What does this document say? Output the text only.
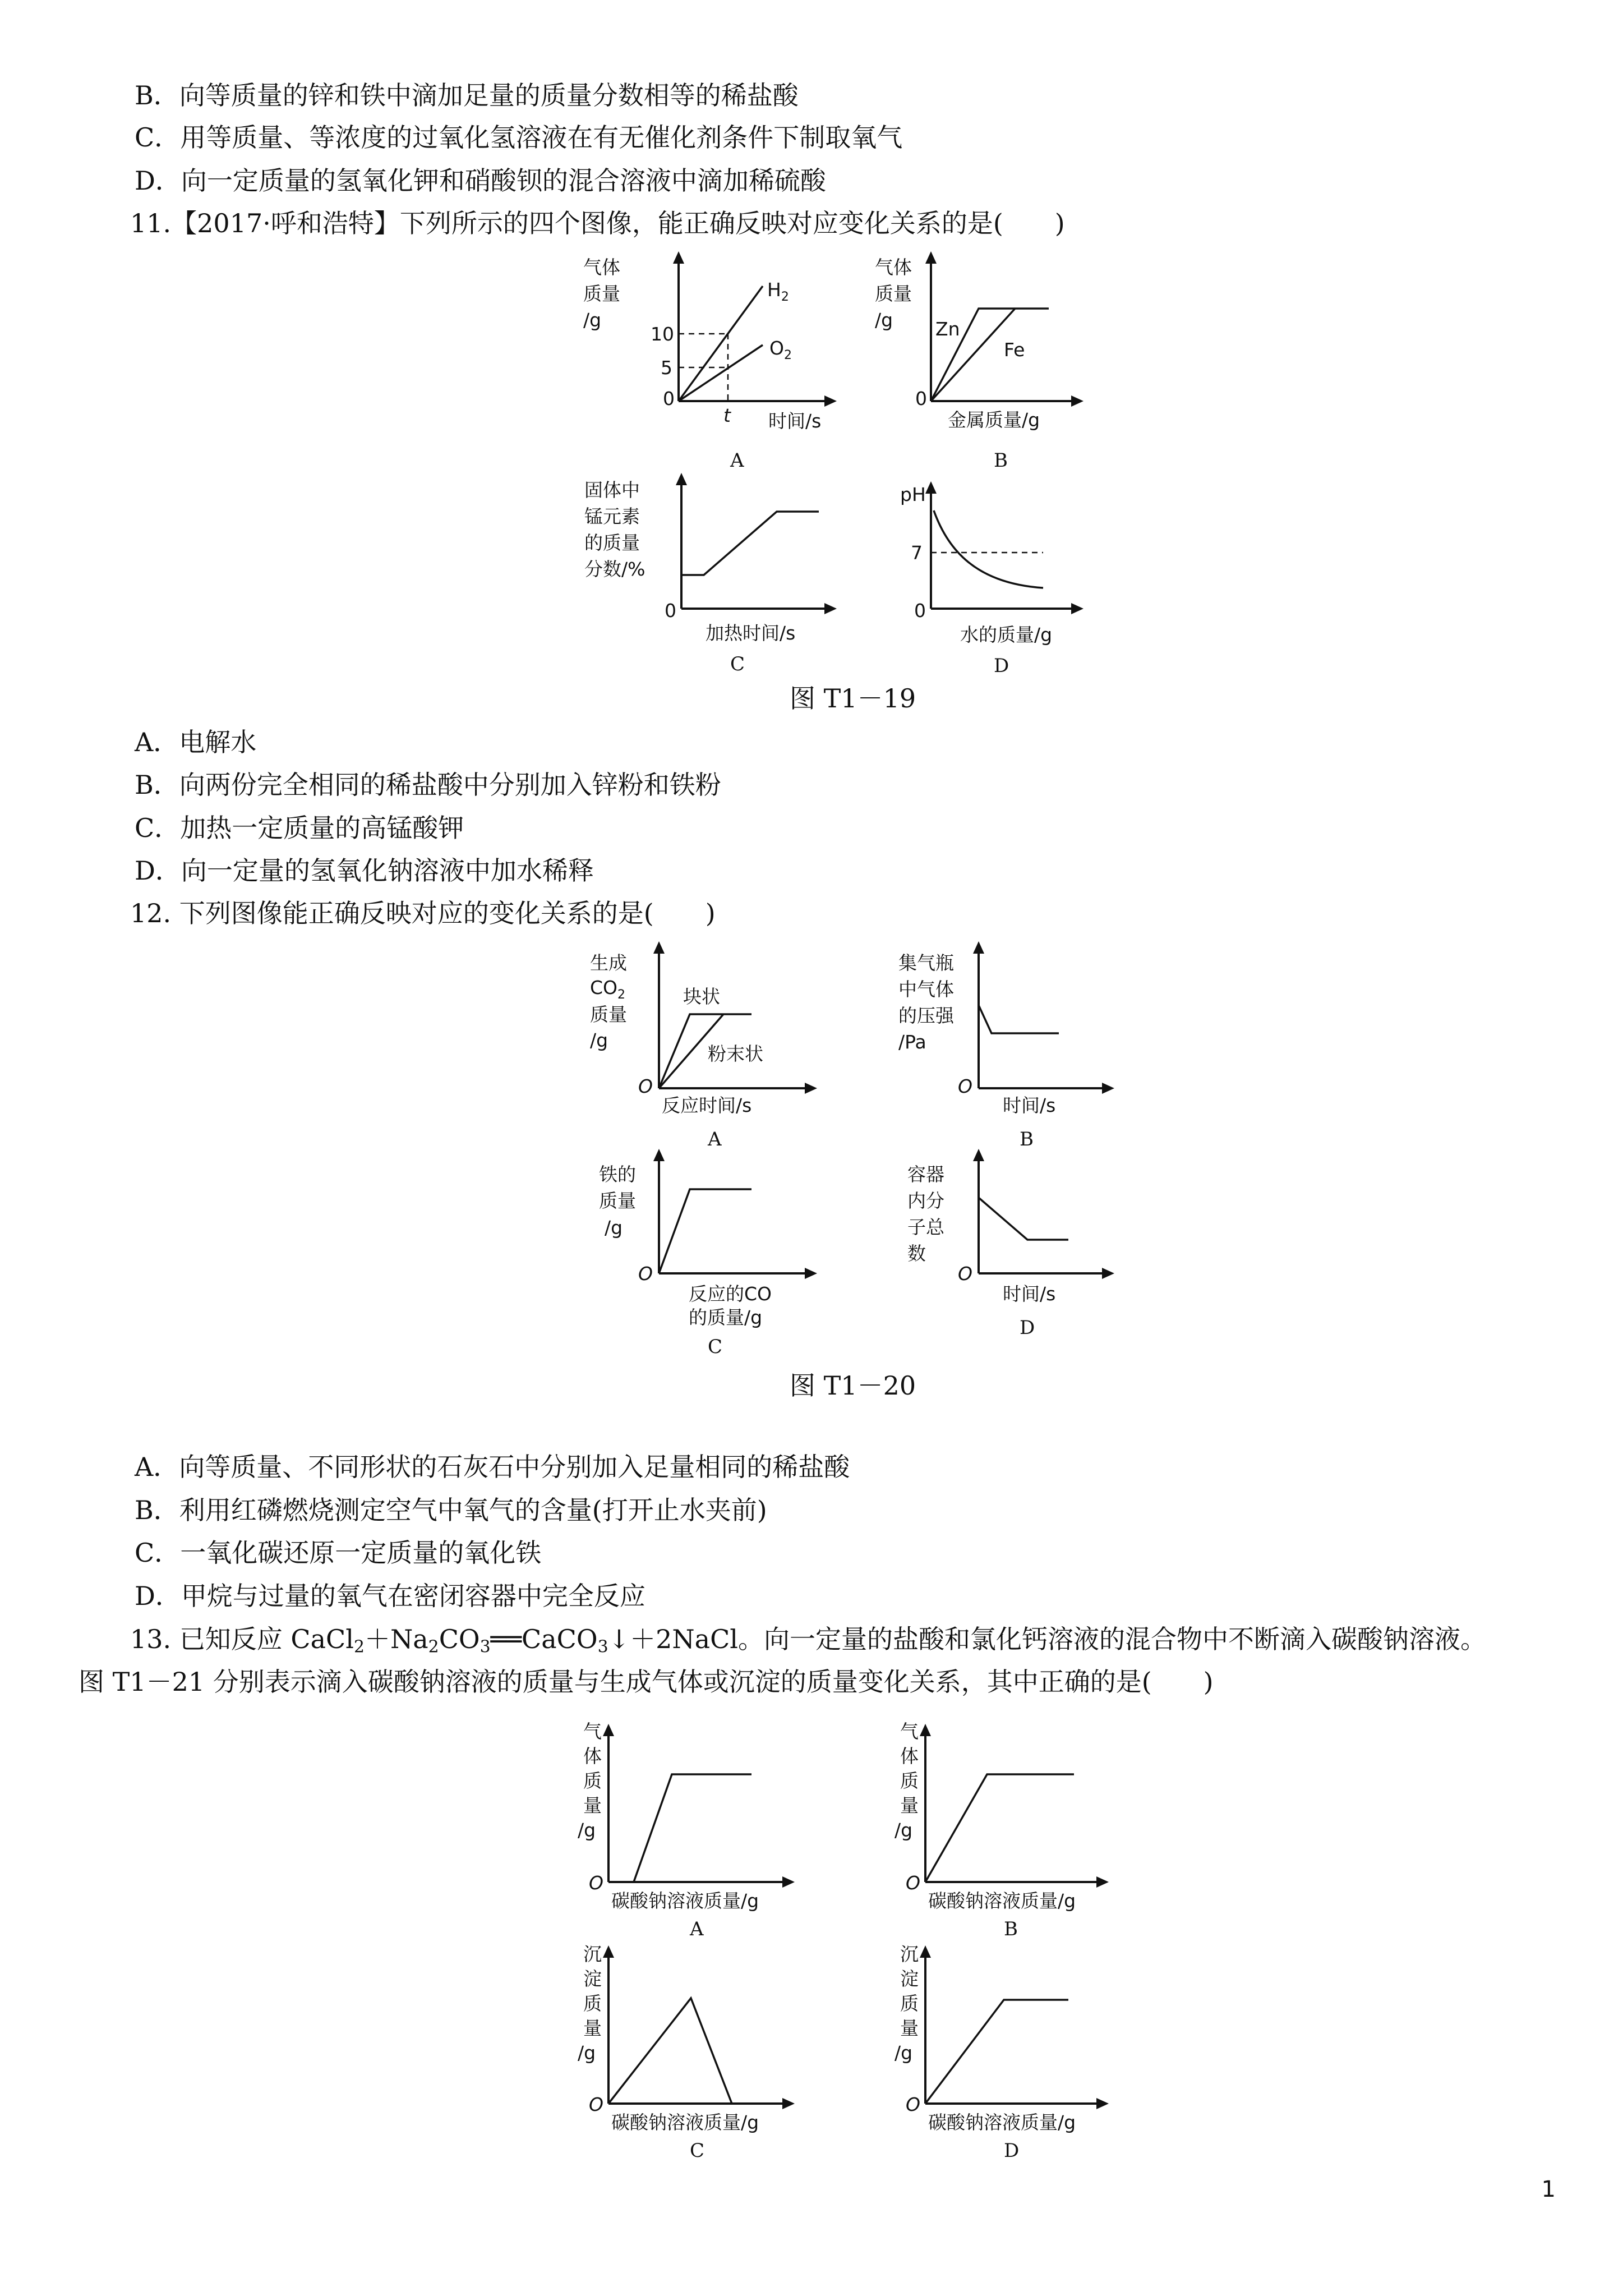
B．向等质量的锌和铁中滴加足量的质量分数相等的稀盐酸
C．用等质量、等浓度的过氧化氢溶液在有无催化剂条件下制取氧气
D．向一定质量的氢氧化钾和硝酸钡的混合溶液中滴加稀硫酸
11.【2017·呼和浩特】下列所示的四个图像，能正确反映对应变化关系的是(　　)
气体
质量
/g
10
5
0
t
$H_2$
$O_2$
时间/s
A
气体
质量
/g Zn
Fe
0
金属质量/g
B
固体中
锰元素
的质量
分数/%
0
加热时间/s
C
pH
7
0
水的质量/g
D
图 T1－19
A．电解水
B．向两份完全相同的稀盐酸中分别加入锌粉和铁粉
C．加热一定质量的高锰酸钾
D．向一定量的氢氧化钠溶液中加水稀释
12. 下列图像能正确反映对应的变化关系的是(　　)
生成
$CO_2$
质量
/g
块状
粉末状
O
反应时间/s
A
集气瓶
中气体
的压强
/Pa
O
时间/s
B
铁的
质量
/g
O
反应的CO
的质量/g
C
容器
内分
子总
数
O
时间/s
D
图 T1－20
A．向等质量、不同形状的石灰石中分别加入足量相同的稀盐酸
B．利用红磷燃烧测定空气中氧气的含量(打开止水夹前)
C．一氧化碳还原一定质量的氧化铁
D．甲烷与过量的氧气在密闭容器中完全反应
13. 已知反应 $CaCl_2+Na_2CO_3══CaCO_3↓+2NaCl$。向一定量的盐酸和氯化钙溶液的混合物中不断滴入碳酸钠溶液。
图 T1－21 分别表示滴入碳酸钠溶液的质量与生成气体或沉淀的质量变化关系，其中正确的是(　　)
气
体
质
量
/g
O
碳酸钠溶液质量/g
A
气
体
质
量
/g
O
碳酸钠溶液质量/g
B
沉
淀
质
量
/g
O
碳酸钠溶液质量/g
C
沉
淀
质
量
/g
O
碳酸钠溶液质量/g
D
1
